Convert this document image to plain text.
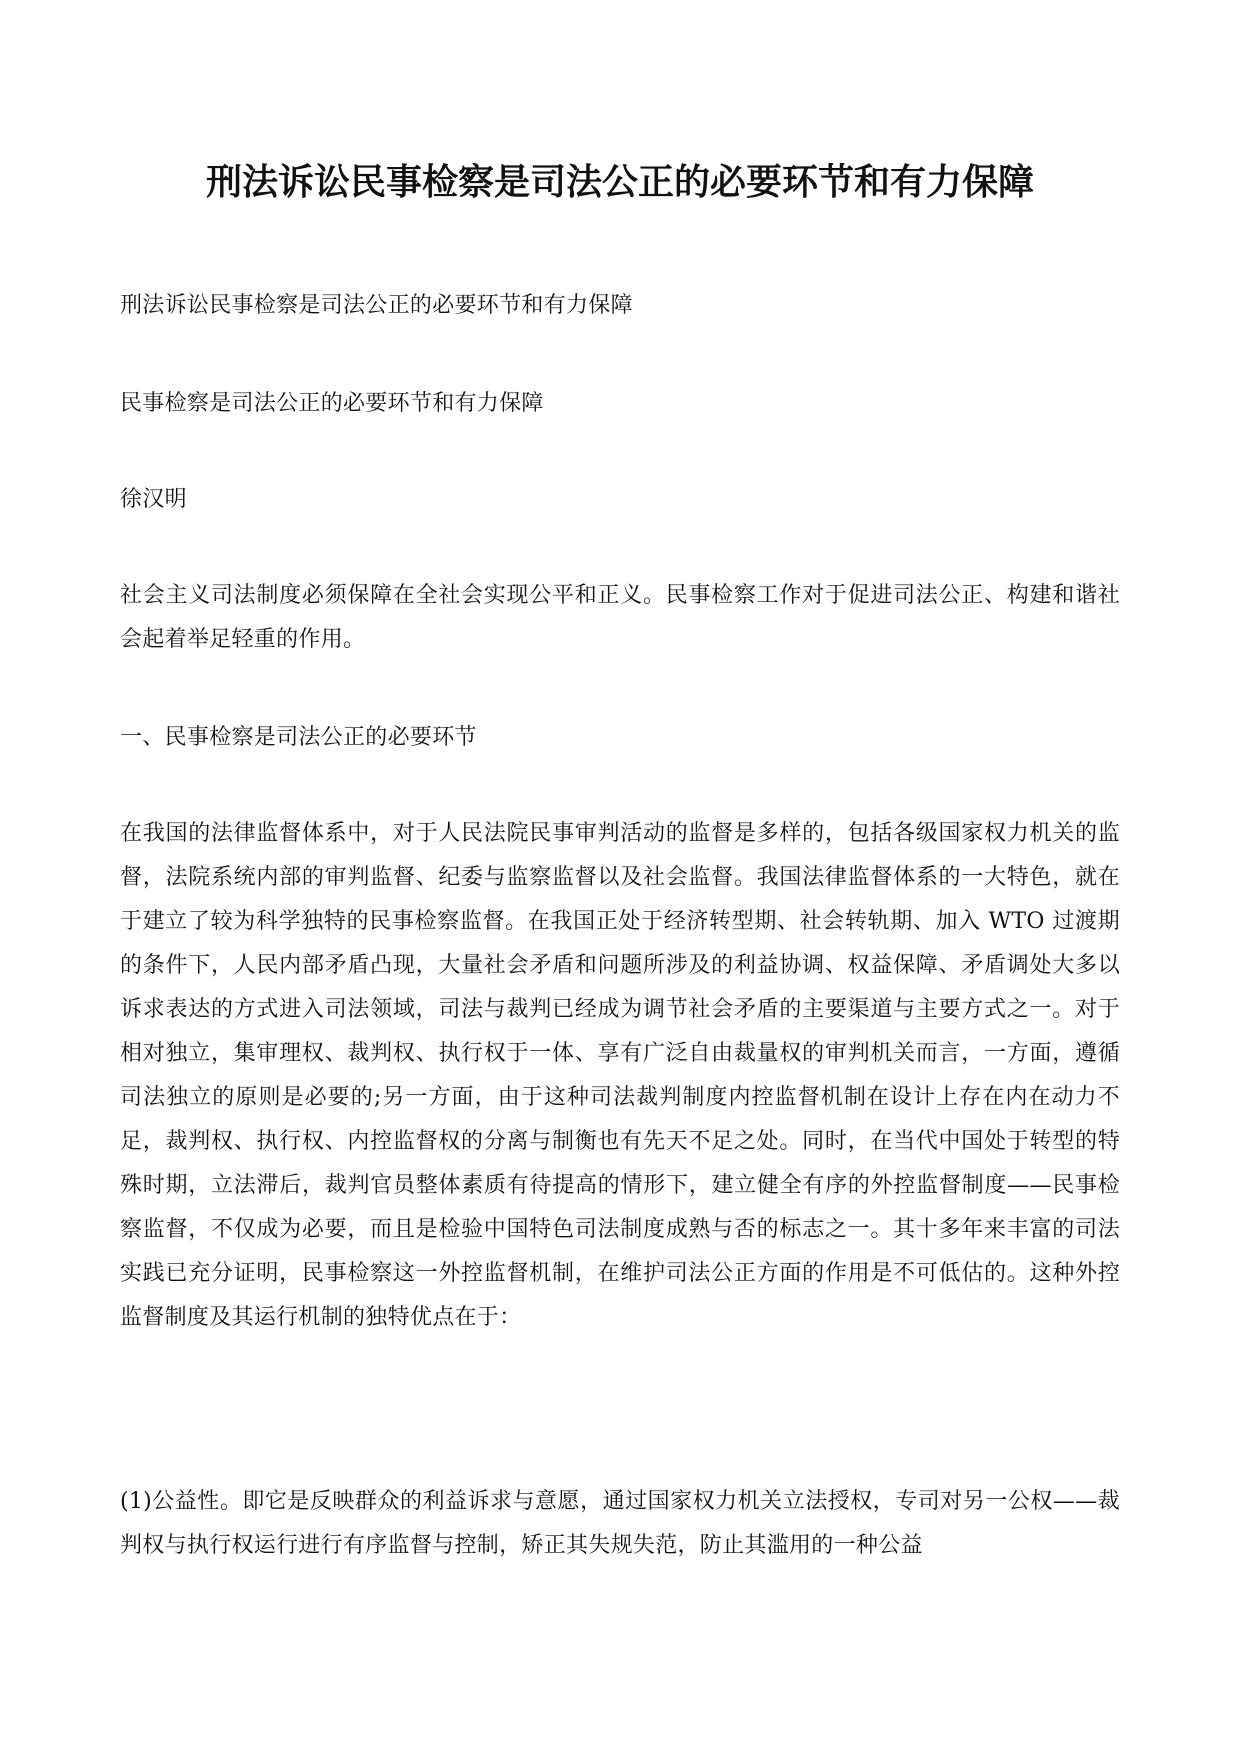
刑法诉讼民事检察是司法公正的必要环节和有力保障

刑法诉讼民事检察是司法公正的必要环节和有力保障

民事检察是司法公正的必要环节和有力保障

徐汉明

社会主义司法制度必须保障在全社会实现公平和正义。民事检察工作对于促进司法公正、构建和谐社会起着举足轻重的作用。

一、民事检察是司法公正的必要环节

在我国的法律监督体系中，对于人民法院民事审判活动的监督是多样的，包括各级国家权力机关的监督，法院系统内部的审判监督、纪委与监察监督以及社会监督。我国法律监督体系的一大特色，就在于建立了较为科学独特的民事检察监督。在我国正处于经济转型期、社会转轨期、加入 WTO 过渡期的条件下，人民内部矛盾凸现，大量社会矛盾和问题所涉及的利益协调、权益保障、矛盾调处大多以诉求表达的方式进入司法领域，司法与裁判已经成为调节社会矛盾的主要渠道与主要方式之一。对于相对独立，集审理权、裁判权、执行权于一体、享有广泛自由裁量权的审判机关而言，一方面，遵循司法独立的原则是必要的;另一方面，由于这种司法裁判制度内控监督机制在设计上存在内在动力不足，裁判权、执行权、内控监督权的分离与制衡也有先天不足之处。同时，在当代中国处于转型的特殊时期，立法滞后，裁判官员整体素质有待提高的情形下，建立健全有序的外控监督制度——民事检察监督，不仅成为必要，而且是检验中国特色司法制度成熟与否的标志之一。其十多年来丰富的司法实践已充分证明，民事检察这一外控监督机制，在维护司法公正方面的作用是不可低估的。这种外控监督制度及其运行机制的独特优点在于：

(1)公益性。即它是反映群众的利益诉求与意愿，通过国家权力机关立法授权，专司对另一公权——裁判权与执行权运行进行有序监督与控制，矫正其失规失范，防止其滥用的一种公益
